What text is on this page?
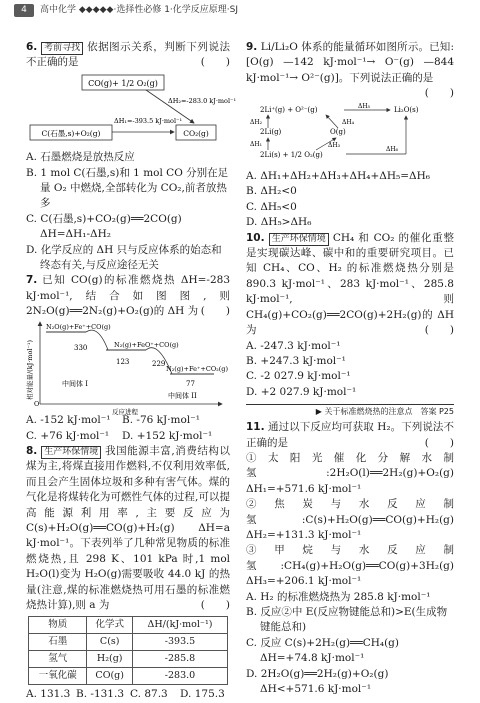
4	高中化学 ◆◆◆◆◆·选择性必修 1·化学反应原理·SJ

6. 考前寻找 依据图示关系，判断下列说法不正确的是	(　　)

CO(g)+ 1/2 O₂(g)
C(石墨,s)+O₂(g)	CO₂(g)
ΔH₁=-393.5 kJ·mol⁻¹
ΔH₂=-283.0 kJ·mol⁻¹

A. 石墨燃烧是放热反应

B. 1 mol C(石墨,s)和 1 mol CO 分别在足量 O₂ 中燃烧,全部转化为 CO₂,前者放热多

C. C(石墨,s)+CO₂(g)══2CO(g)　ΔH=ΔH₁-ΔH₂

D. 化学反应的 ΔH 只与反应体系的始态和终态有关,与反应途径无关

7. 已知 CO(g)的标准燃烧热 ΔH=-283 kJ·mol⁻¹,结合如图图,则 2N₂O(g)══2N₂(g)+O₂(g)的 ΔH 为 (　　)

相对能量/(kJ·mol⁻¹)
O
N₂O(g)+Fe⁺+CO(g)
N₂(g)+FeO⁺+CO(g)
330
123
中间体 I
N₂(g)+Fe⁺+CO₂(g)
229
77
中间体 II
反应进程

A. -152 kJ·mol⁻¹ B. -76 kJ·mol⁻¹

C. +76 kJ·mol⁻¹ D. +152 kJ·mol⁻¹

8. 生产环保情境 我国能源丰富,消费结构以煤为主,将煤直接用作燃料,不仅利用效率低,而且会产生固体垃圾和多种有害气体。煤的气化是将煤转化为可燃性气体的过程,可以提高能源利用率,主要反应为 C(s)+H₂O(g)══CO(g)+H₂(g)　ΔH=a kJ·mol⁻¹。下表列举了几种常见物质的标准燃烧热,且 298 K、101 kPa 时,1 mol H₂O(l)变为 H₂O(g)需要吸收 44.0 kJ 的热量(注意,煤的标准燃烧热可用石墨的标准燃烧热计算),则 a 为	(　　)

物质	化学式	ΔH/(kJ·mol⁻¹)
石墨	C(s)	-393.5
氢气	H₂(g)	-285.8
一氧化碳	CO(g)	-283.0

A. 131.3 B. -131.3 C. 87.3 D. 175.3

9. Li/Li₂O 体系的能量循环如图所示。已知: [O(g) —142 kJ·mol⁻¹→ O⁻(g) —844 kJ·mol⁻¹→ O²⁻(g)]。下列说法正确的是
(　　)

2Li⁺(g) + O²⁻(g)
2Li(g)	O(g)
2Li(s) + 1/2 O₂(g)
Li₂O(s)
ΔH₁
ΔH₂
ΔH₃
ΔH₄
ΔH₅
ΔH₆

A. ΔH₁+ΔH₂+ΔH₃+ΔH₄+ΔH₅=ΔH₆

B. ΔH₂<0

C. ΔH₅<0

D. ΔH₅>ΔH₆

10. 生产环保情境 CH₄ 和 CO₂ 的催化重整是实现碳达峰、碳中和的重要研究项目。已知 CH₄、CO、H₂ 的标准燃烧热分别是 890.3 kJ·mol⁻¹、283 kJ·mol⁻¹、285.8 kJ·mol⁻¹,则 CH₄(g)+CO₂(g)══2CO(g)+2H₂(g)的 ΔH 为	(　　)

A. -247.3 kJ·mol⁻¹

B. +247.3 kJ·mol⁻¹

C. -2 027.9 kJ·mol⁻¹

D. +2 027.9 kJ·mol⁻¹

▶ 关于标准燃烧热的注意点　答案 P25

11. 通过以下反应均可获取 H₂。下列说法不正确的是	(　　)

①太阳光催化分解水制氢:2H₂O(l)══2H₂(g)+O₂(g)　ΔH₁=+571.6 kJ·mol⁻¹

②焦炭与水反应制氢:C(s)+H₂O(g)══CO(g)+H₂(g)　ΔH₂=+131.3 kJ·mol⁻¹

③甲烷与水反应制氢:CH₄(g)+H₂O(g)══CO(g)+3H₂(g)　ΔH₃=+206.1 kJ·mol⁻¹

A. H₂ 的标准燃烧热为 285.8 kJ·mol⁻¹

B. 反应②中 E(反应物键能总和)>E(生成物键能总和)

C. 反应 C(s)+2H₂(g)══CH₄(g)　ΔH=+74.8 kJ·mol⁻¹

D. 2H₂O(g)══2H₂(g)+O₂(g)　ΔH<+571.6 kJ·mol⁻¹
